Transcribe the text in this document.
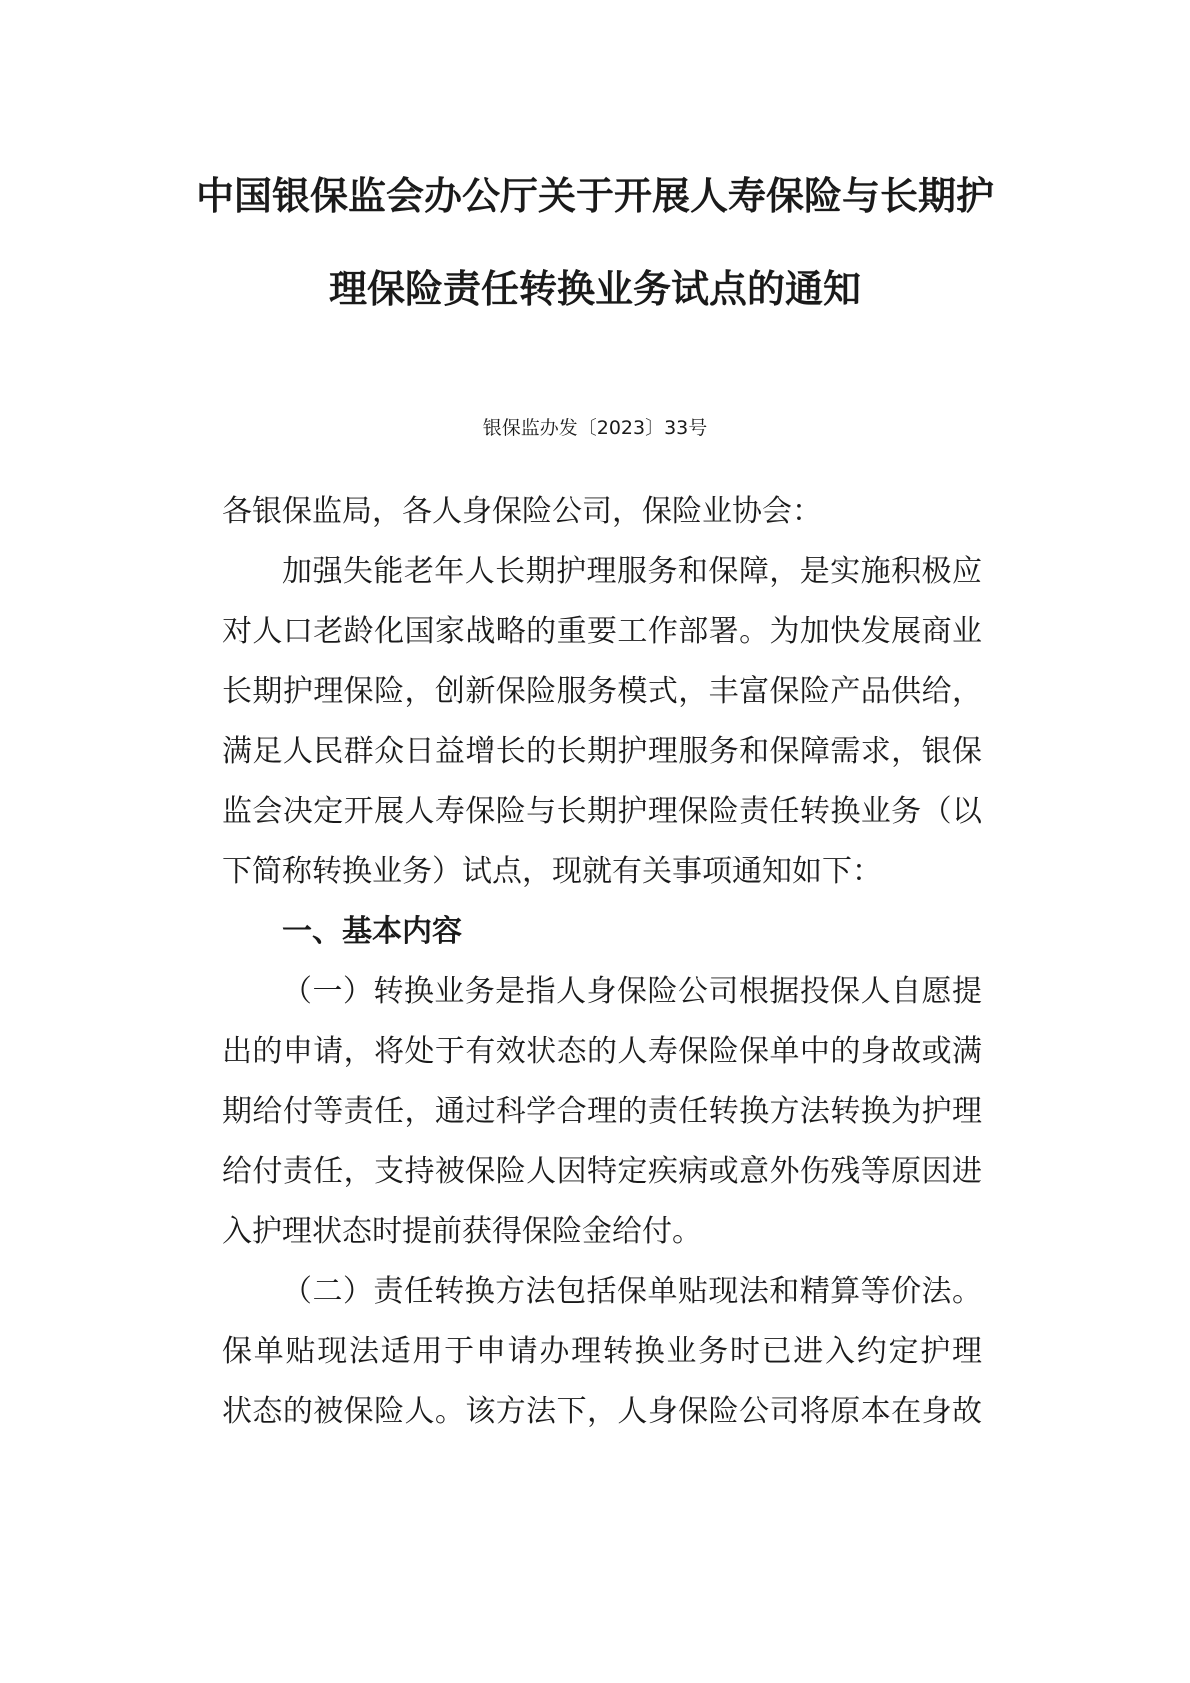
中国银保监会办公厅关于开展人寿保险与长期护
理保险责任转换业务试点的通知
银保监办发〔2023〕33号
各银保监局，各人身保险公司，保险业协会：
加强失能老年人长期护理服务和保障，是实施积极应
对人口老龄化国家战略的重要工作部署。为加快发展商业
长期护理保险，创新保险服务模式，丰富保险产品供给，
满足人民群众日益增长的长期护理服务和保障需求，银保
监会决定开展人寿保险与长期护理保险责任转换业务（以
下简称转换业务）试点，现就有关事项通知如下：
一、基本内容
（一）转换业务是指人身保险公司根据投保人自愿提
出的申请，将处于有效状态的人寿保险保单中的身故或满
期给付等责任，通过科学合理的责任转换方法转换为护理
给付责任，支持被保险人因特定疾病或意外伤残等原因进
入护理状态时提前获得保险金给付。
（二）责任转换方法包括保单贴现法和精算等价法。
保单贴现法适用于申请办理转换业务时已进入约定护理
状态的被保险人。该方法下，人身保险公司将原本在身故
